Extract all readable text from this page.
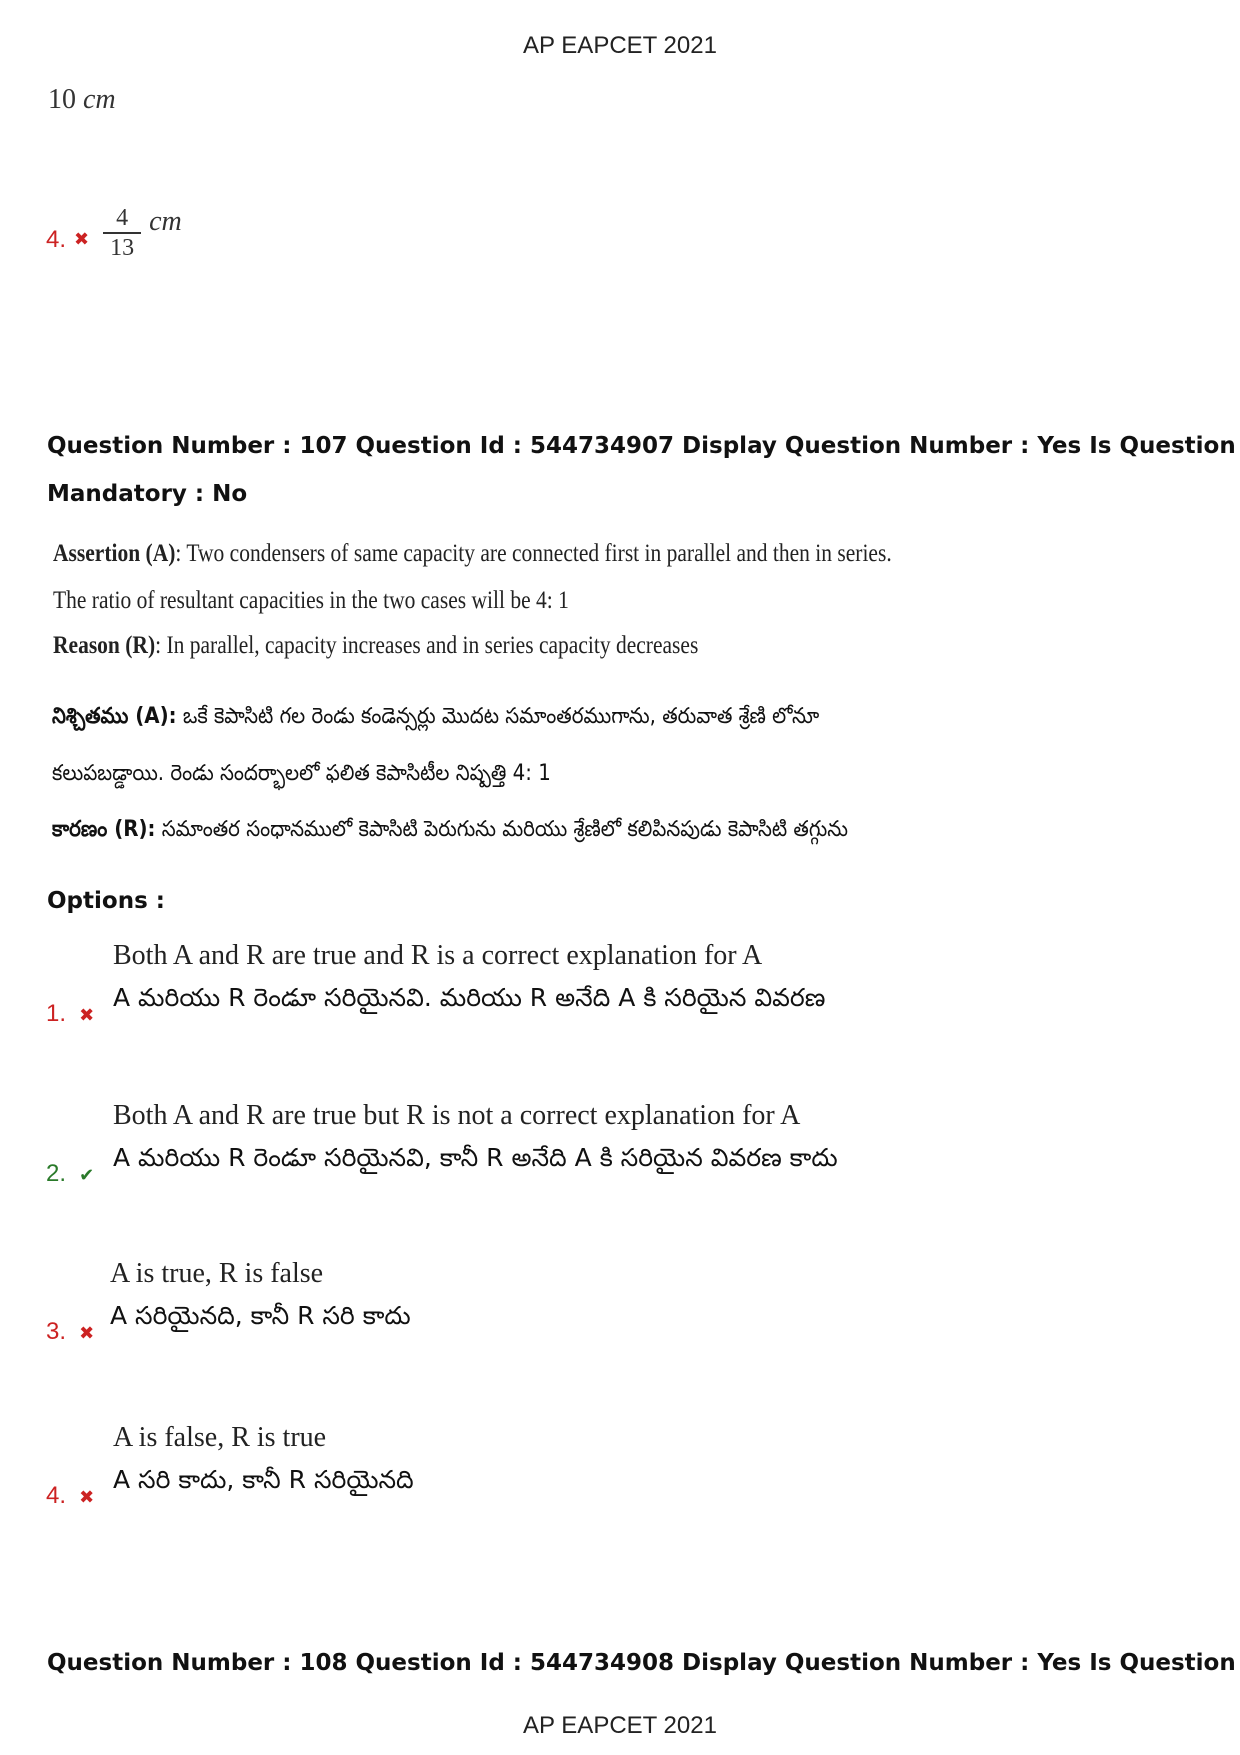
AP EAPCET 2021
10 cm
4. ✖ $\frac{4}{13}$ cm
Question Number : 107 Question Id : 544734907 Display Question Number : Yes Is Question
Mandatory : No
Assertion (A): Two condensers of same capacity are connected first in parallel and then in series.
The ratio of resultant capacities in the two cases will be 4: 1
Reason (R): In parallel, capacity increases and in series capacity decreases
నిశ్చితము (A): ఒకే కెపాసిటి గల రెండు కండెన్సర్లు మొదట సమాంతరముగాను, తరువాత శ్రేణి లోనూ
కలుపబడ్డాయి. రెండు సందర్భాలలో ఫలిత కెపాసిటీల నిష్పత్తి 4: 1
కారణం (R): సమాంతర సంధానములో కెపాసిటి పెరుగును మరియు శ్రేణిలో కలిపినపుడు కెపాసిటి తగ్గును
Options :
1. ✖
Both A and R are true and R is a correct explanation for A
A మరియు R రెండూ సరియైనవి. మరియు R అనేది A కి సరియైన వివరణ
2. ✔
Both A and R are true but R is not a correct explanation for A
A మరియు R రెండూ సరియైనవి, కానీ R అనేది A కి సరియైన వివరణ కాదు
3. ✖
A is true, R is false
A సరియైనది, కానీ R సరి కాదు
4. ✖
A is false, R is true
A సరి కాదు, కానీ R సరియైనది
Question Number : 108 Question Id : 544734908 Display Question Number : Yes Is Question
AP EAPCET 2021
